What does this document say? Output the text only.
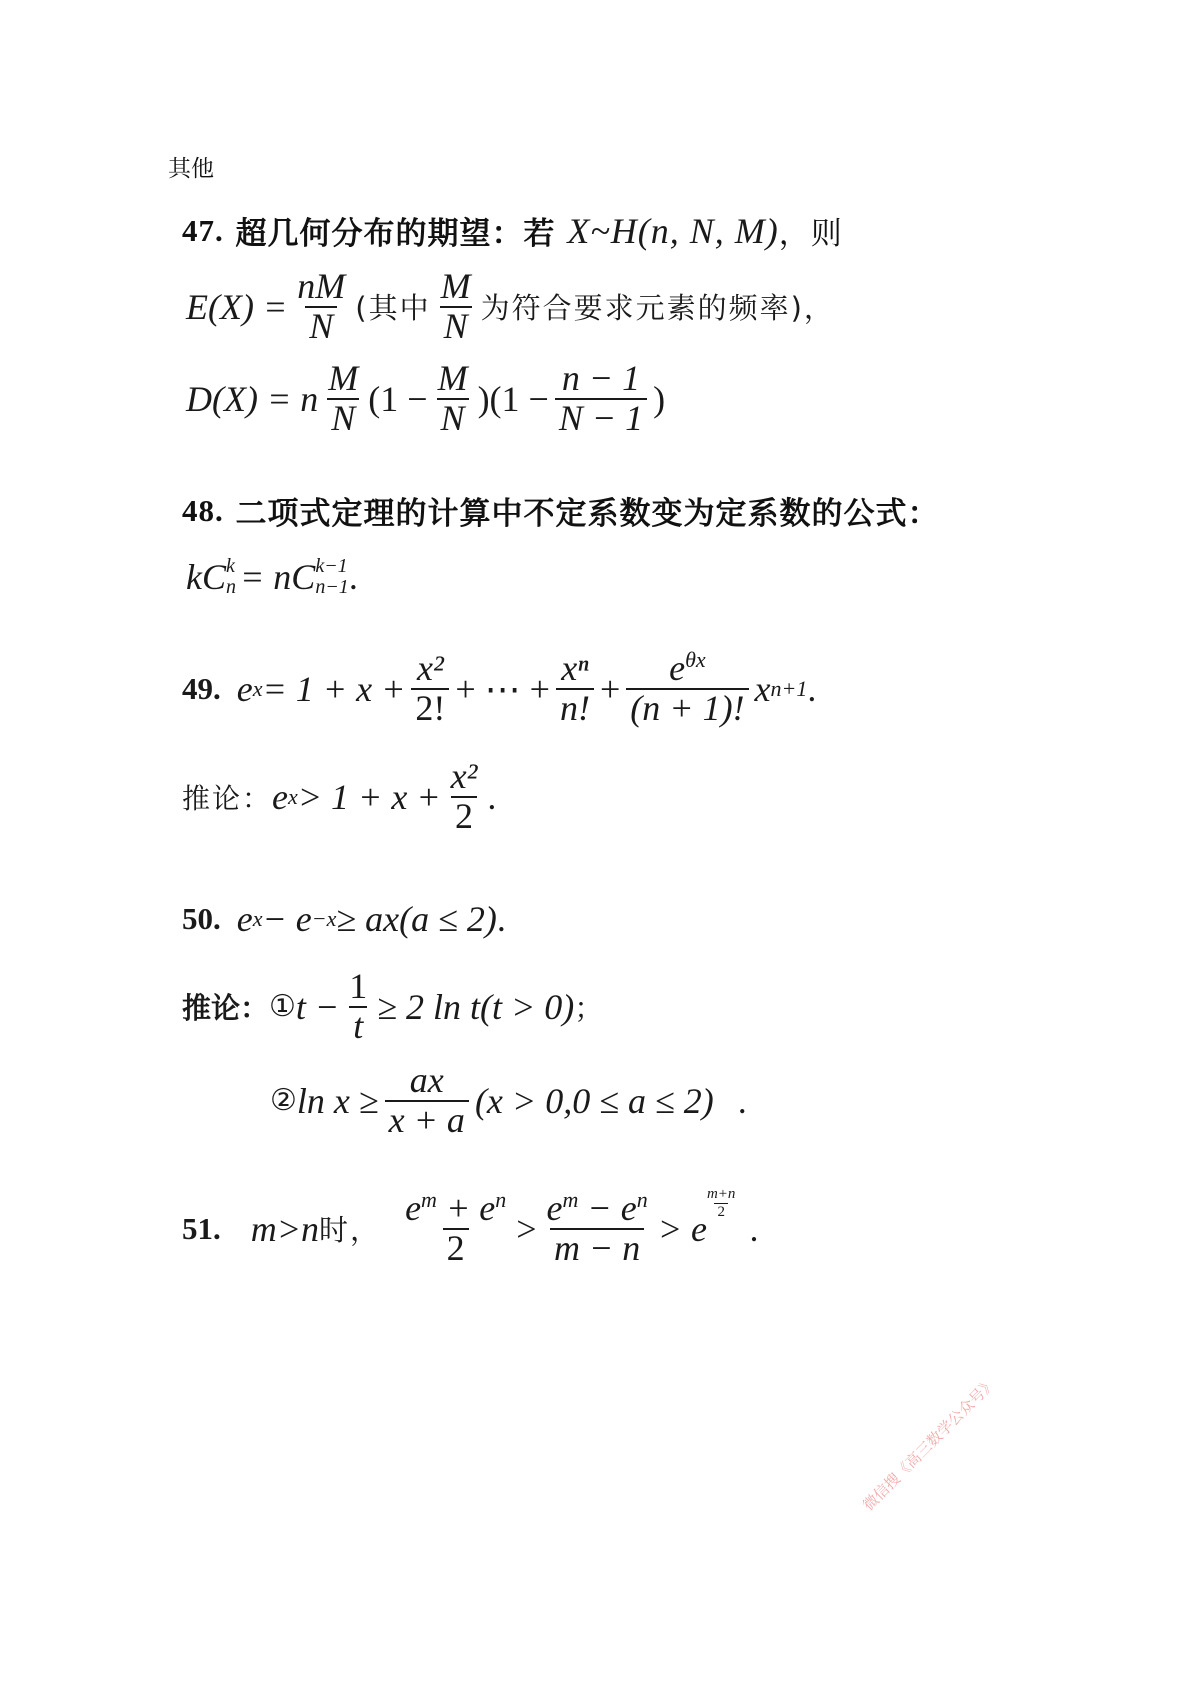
其他
47.
超几何分布的期望：若
X~H(n, N, M) ，则
$E(X) = \frac{nM}{N}$ (其中 $\frac{M}{N}$ 为符合要求元素的频率)，
D(X) = n $\frac{M}{N} (1 - \frac{M}{N} )(1 - \frac{n - 1}{N - 1}$ )
48.
二项式定理的计算中不定系数变为定系数的公式：
kC k
n = nC k−1
n−1 .
49. e $x = 1 + x + \frac{\text{x²}}{2!}$ + ⋯ + $\frac{\text{xⁿ}}{n!} + \frac{e^{\theta x}}{(n + 1)!}$ x n+1 .
推论： e $x > 1 + x + \frac{\text{x²}}{2}$ .
50. e x − e −x ≥ ax(a ≤ 2) .
推论： ① $t - \frac{1}{t} \ge 2$ ln t(t > 0) ；
② $\ln x \ge \frac{ax}{x + a} (x > 0,0 \le a \le 2)$ .
51. m>n 时， $\frac{e^m + e^n}{2} > \frac{e^m - e^n}{m - n} > e$
$\frac{m+n}{2}$
.
微信搜《高三数学公众号》
